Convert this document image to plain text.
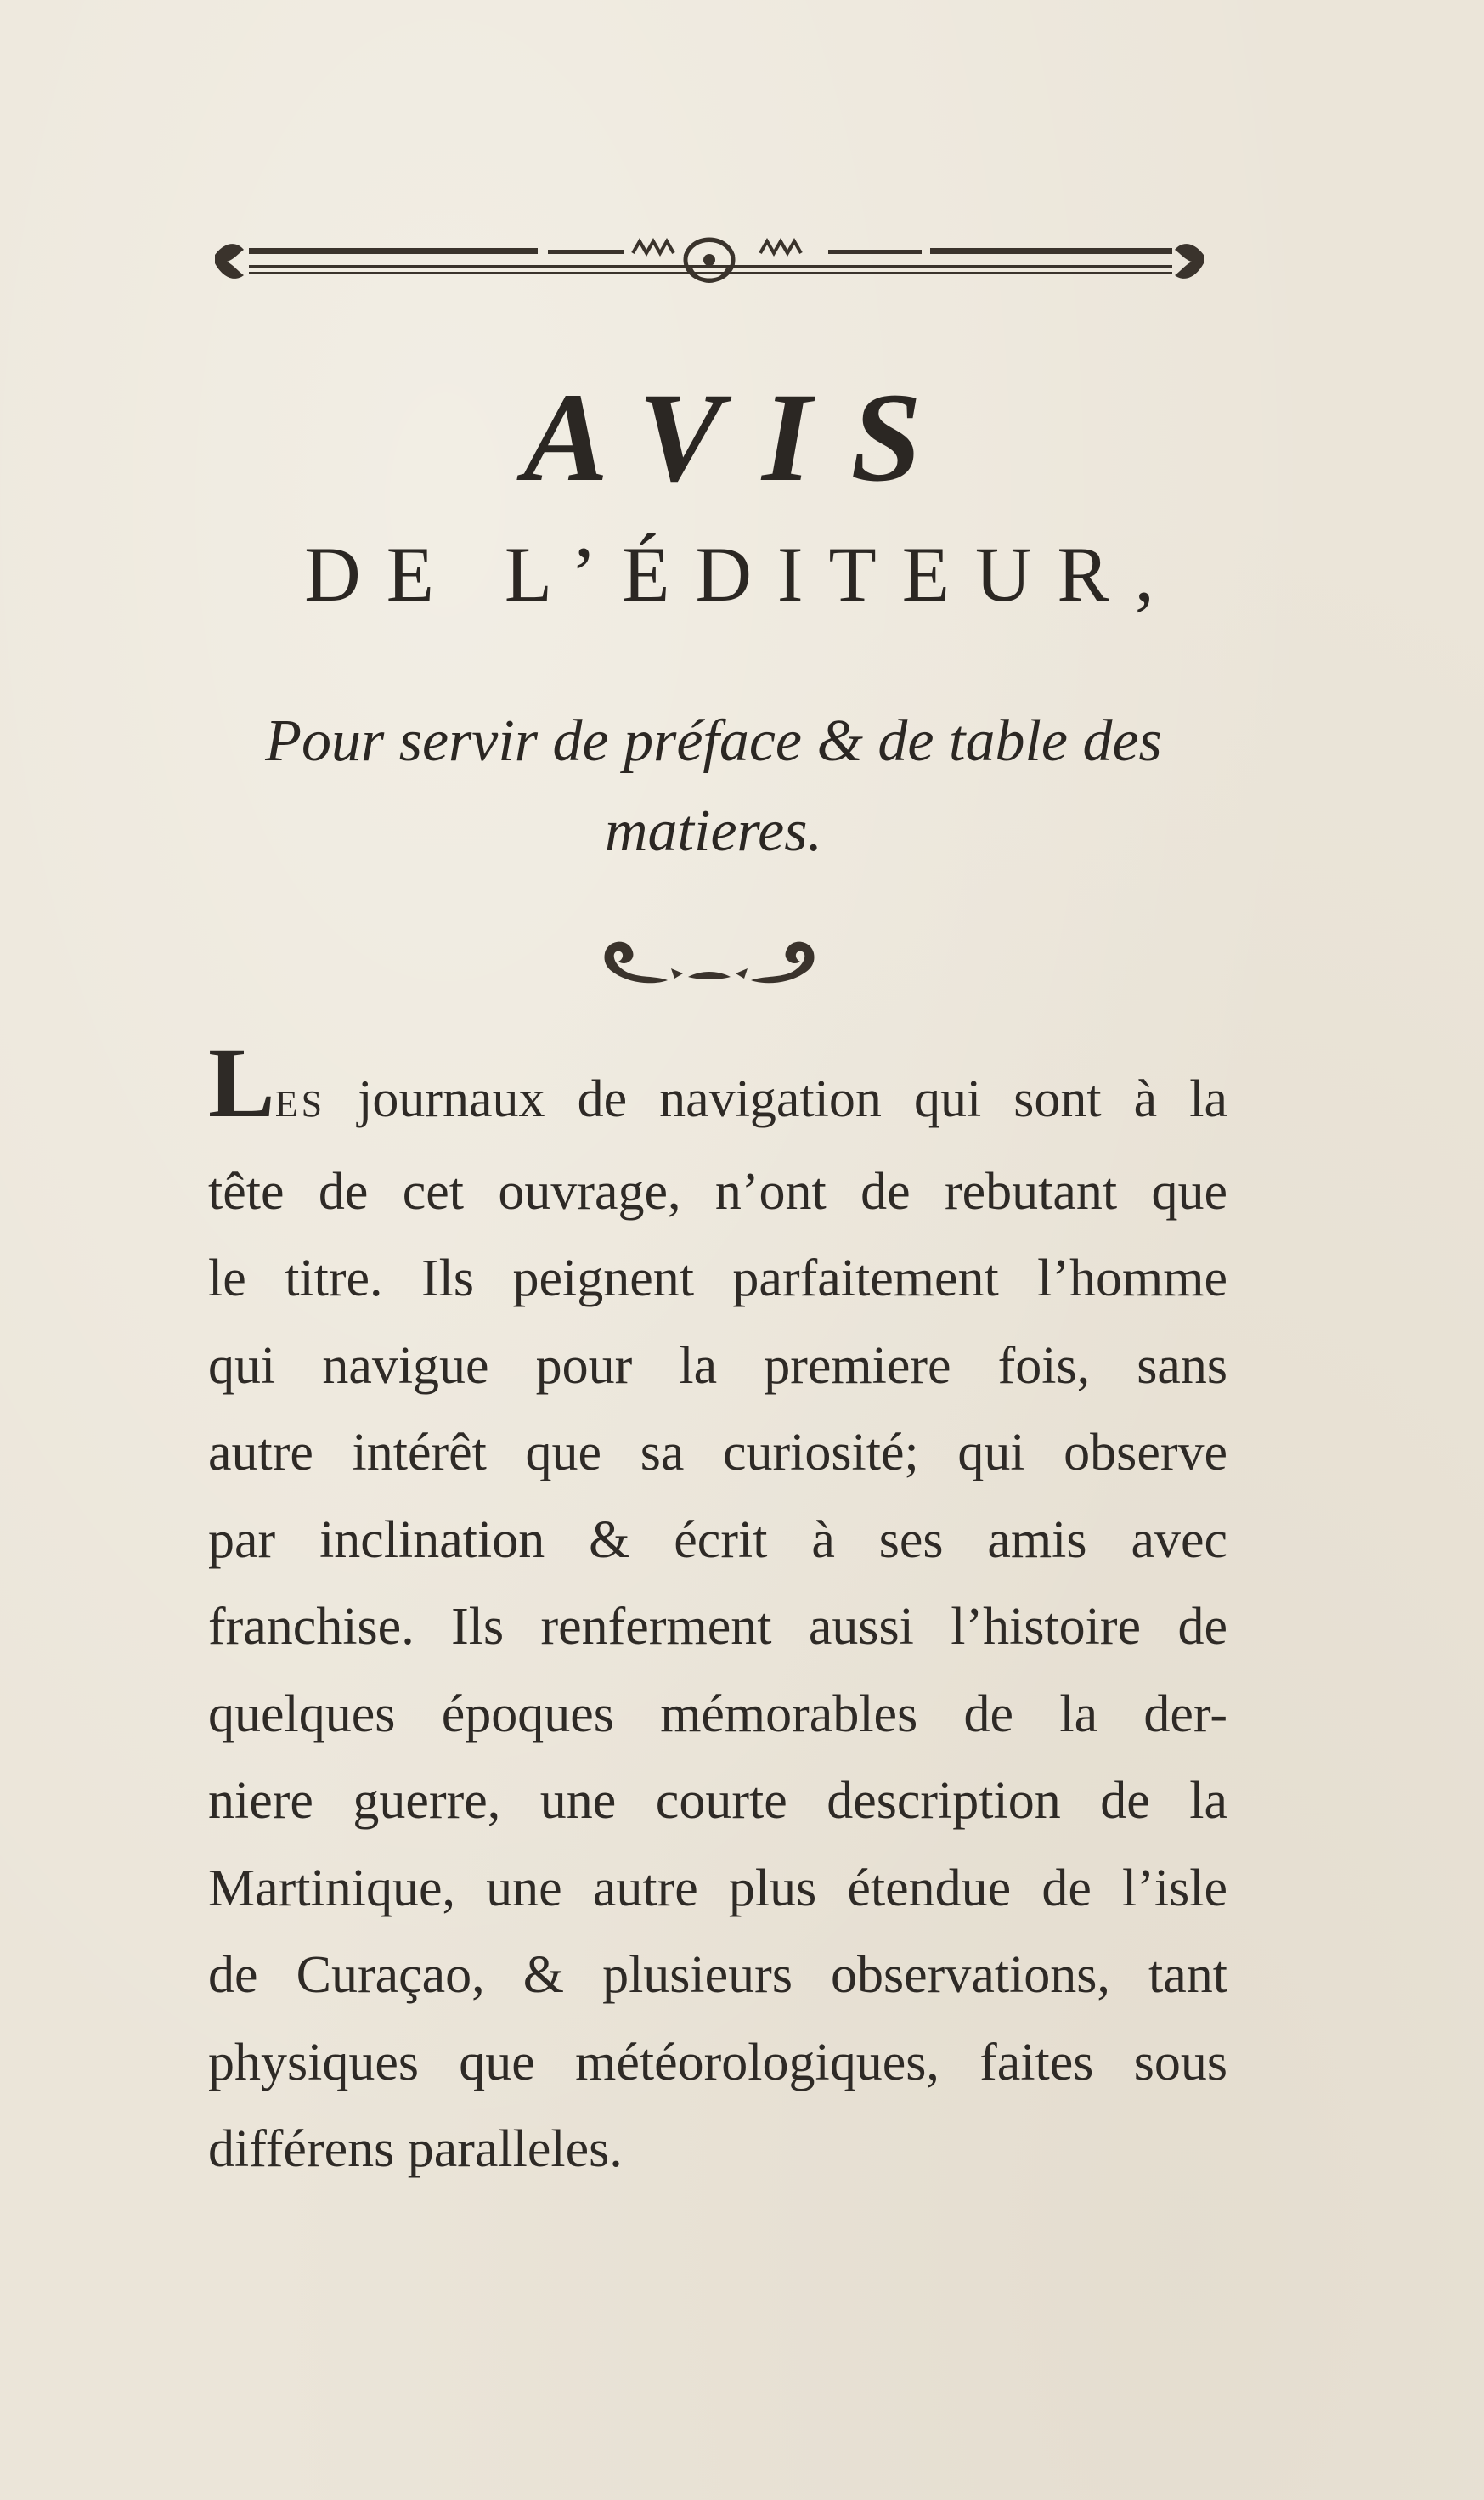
AVIS
DE L’ÉDITEUR,
Pour servir de préface & de table des
matieres.
LES journaux de navigation qui sont à la
tête de cet ouvrage, n’ont de rebutant que
le titre. Ils peignent parfaitement l’homme
qui navigue pour la premiere fois, sans
autre intérêt que sa curiosité; qui observe
par inclination & écrit à ses amis avec
franchise. Ils renferment aussi l’histoire de
quelques époques mémorables de la der-
niere guerre, une courte description de la
Martinique, une autre plus étendue de l’isle
de Curaçao, & plusieurs observations, tant
physiques que météorologiques, faites sous
différens paralleles.
